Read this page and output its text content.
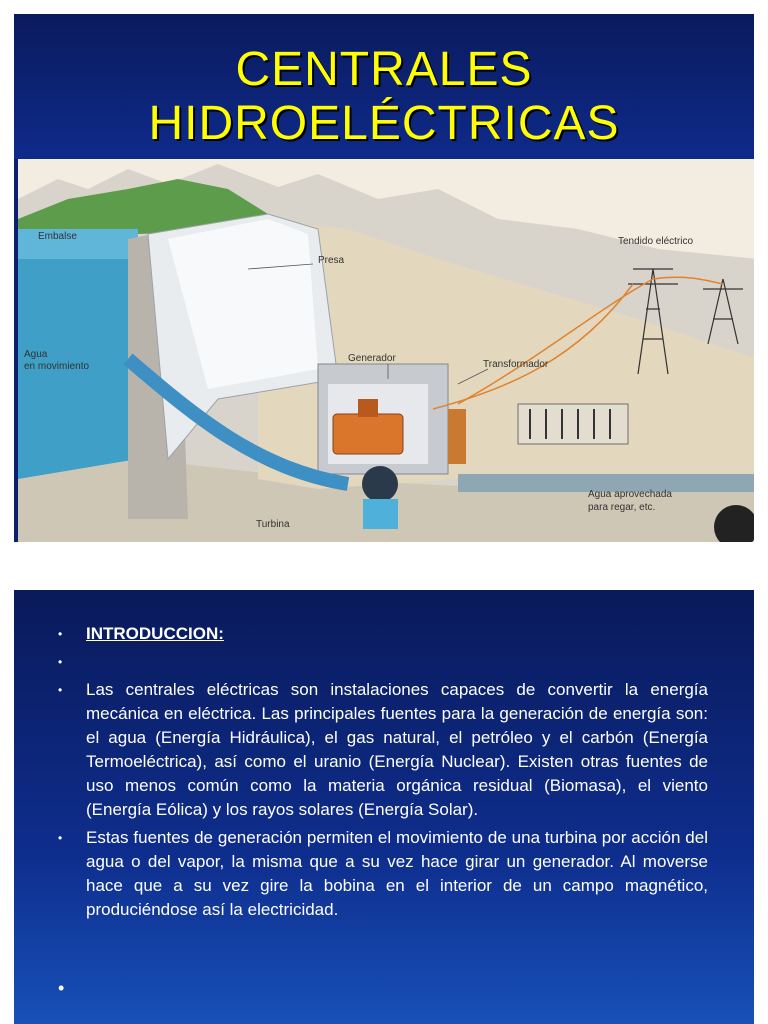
CENTRALES
HIDROELÉCTRICAS
Embalse
Presa
Generador
Transformador
Tendido eléctrico
Agua
en movimiento
Turbina
Agua aprovechada
para regar, etc.
• INTRODUCCION:
•
• Las centrales eléctricas son instalaciones capaces de convertir la energía mecánica en eléctrica. Las principales fuentes para la generación de energía son: el agua (Energía Hidráulica), el gas natural, el petróleo y el carbón (Energía Termoeléctrica), así como el uranio (Energía Nuclear). Existen otras fuentes de uso menos común como la materia orgánica residual (Biomasa), el viento (Energía Eólica) y los rayos solares (Energía Solar).
• Estas fuentes de generación permiten el movimiento de una turbina por acción del agua o del vapor, la misma que a su vez hace girar un generador. Al moverse hace que a su vez gire la bobina en el interior de un campo magnético, produciéndose así la electricidad.
•
